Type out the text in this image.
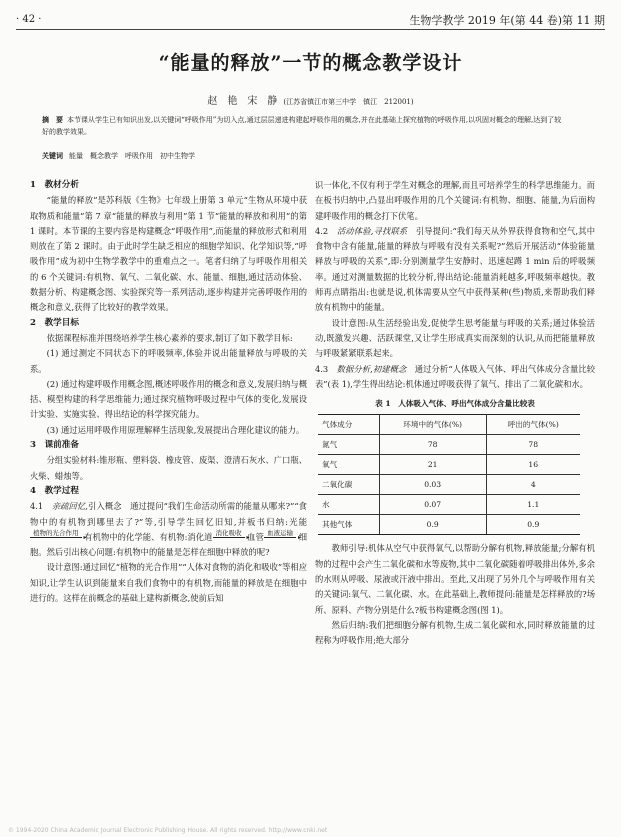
· 42 ·	生物学教学 2019 年(第 44 卷)第 11 期
“能量的释放”一节的概念教学设计
赵　艳　宋　静 (江苏省镇江市第三中学　镇江　212001)
摘　要 本节课从学生已有知识出发,以关键词“呼吸作用”为切入点,通过层层递进构建起呼吸作用的概念,并在此基础上探究植物的呼吸作用,以巩固对概念的理解,达到了较好的教学效果。
关键词 能量 概念教学 呼吸作用 初中生物学
1　教材分析

“能量的释放”是苏科版《生物》七年级上册第 3 单元“生物从环境中获取物质和能量”第 7 章“能量的释放与利用”第 1 节“能量的释放和利用”的第 1 课时。本节课的主要内容是构建概念“呼吸作用”,而能量的释放形式和利用则放在了第 2 课时。由于此时学生缺乏相应的细胞学知识、化学知识等,“呼吸作用”成为初中生物学教学中的重难点之一。笔者归纳了与呼吸作用相关的 6 个关键词:有机物、氧气、二氧化碳、水、能量、细胞,通过活动体验、数据分析、构建概念图、实验探究等一系列活动,逐步构建并完善呼吸作用的概念和意义,获得了比较好的教学效果。

2　教学目标

依据课程标准并围绕培养学生核心素养的要求,制订了如下教学目标:

(1) 通过测定不同状态下的呼吸频率,体验并说出能量释放与呼吸的关系。

(2) 通过构建呼吸作用概念图,概述呼吸作用的概念和意义,发展归纳与概括、模型构建的科学思维能力;通过探究植物呼吸过程中气体的变化,发展设计实验、实施实验、得出结论的科学探究能力。

(3) 通过运用呼吸作用原理解释生活现象,发展提出合理化建议的能力。

3　课前准备

分组实验材料:锥形瓶、塑料袋、橡皮管、废渠、澄清石灰水、广口瓶、火柴、蜡烛等。

4　教学过程

4.1　亲疏回忆,引入概念　通过提问“我们生命活动所需的能量从哪来?”“食物中的有机物到哪里去了?”等,引导学生回忆旧知,并板书归纳:光能植物的光合作用 ▸ 有机物中的化学能、有机物:消化道 消化吸收 ▸ 血管 血液运输 ▸ 细胞。然后引出核心问题:有机物中的能量是怎样在细胞中释放的呢?

设计意图:通过回忆“植物的光合作用”“人体对食物的消化和吸收”等相应知识,让学生认识到能量来自我们食物中的有机物,而能量的释放是在细胞中进行的。这样在前概念的基础上建构新概念,使前后知

识一体化,不仅有利于学生对概念的理解,而且可培养学生的科学思维能力。而在板书归纳中,凸显出呼吸作用的几个关键词:有机物、细胞、能量,为后面构建呼吸作用的概念打下伏笔。

4.2　活动体验,寻找联系　引导提问:“我们每天从外界获得食物和空气,其中食物中含有能量,能量的释放与呼吸有没有关系呢?”然后开展活动“体验能量释放与呼吸的关系”,即:分别测量学生安静时、迅速起蹲 1 min 后的呼吸频率。通过对测量数据的比较分析,得出结论:能量消耗越多,呼吸频率越快。教师再点睛指出:也就是说,机体需要从空气中获得某种(些)物质,来帮助我们释放有机物中的能量。

设计意图:从生活经验出发,促使学生思考能量与呼吸的关系;通过体验活动,既激发兴趣、活跃课堂,又让学生形成真实而深刻的认识,从而把能量释放与呼吸紧紧联系起来。

4.3　数据分析,初建概念　通过分析“人体吸入气体、呼出气体成分含量比较表”(表 1),学生得出结论:机体通过呼吸获得了氧气、排出了二氧化碳和水。

表 1　人体吸入气体、呼出气体成分含量比较表
气体成分	环境中的气体(%)	呼出的气体(%)
氮气	78	78
氧气	21	16
二氧化碳	0.03	4
水	0.07	1.1
其他气体	0.9	0.9

教师引导:机体从空气中获得氧气,以帮助分解有机物,释放能量;分解有机物的过程中会产生二氧化碳和水等废物,其中二氧化碳随着呼吸排出体外,多余的水则从呼吸、尿液或汗液中排出。至此,又出现了另外几个与呼吸作用有关的关键词:氧气、二氧化碳、水。在此基础上,教师提问:能量是怎样释放的?场所、原料、产物分别是什么?板书构建概念图(图 1)。

然后归纳:我们把细胞分解有机物,生成二氧化碳和水,同时释放能量的过程称为呼吸作用;绝大部分

© 1994-2020 China Academic Journal Electronic Publishing House. All rights reserved. http://www.cnki.net
